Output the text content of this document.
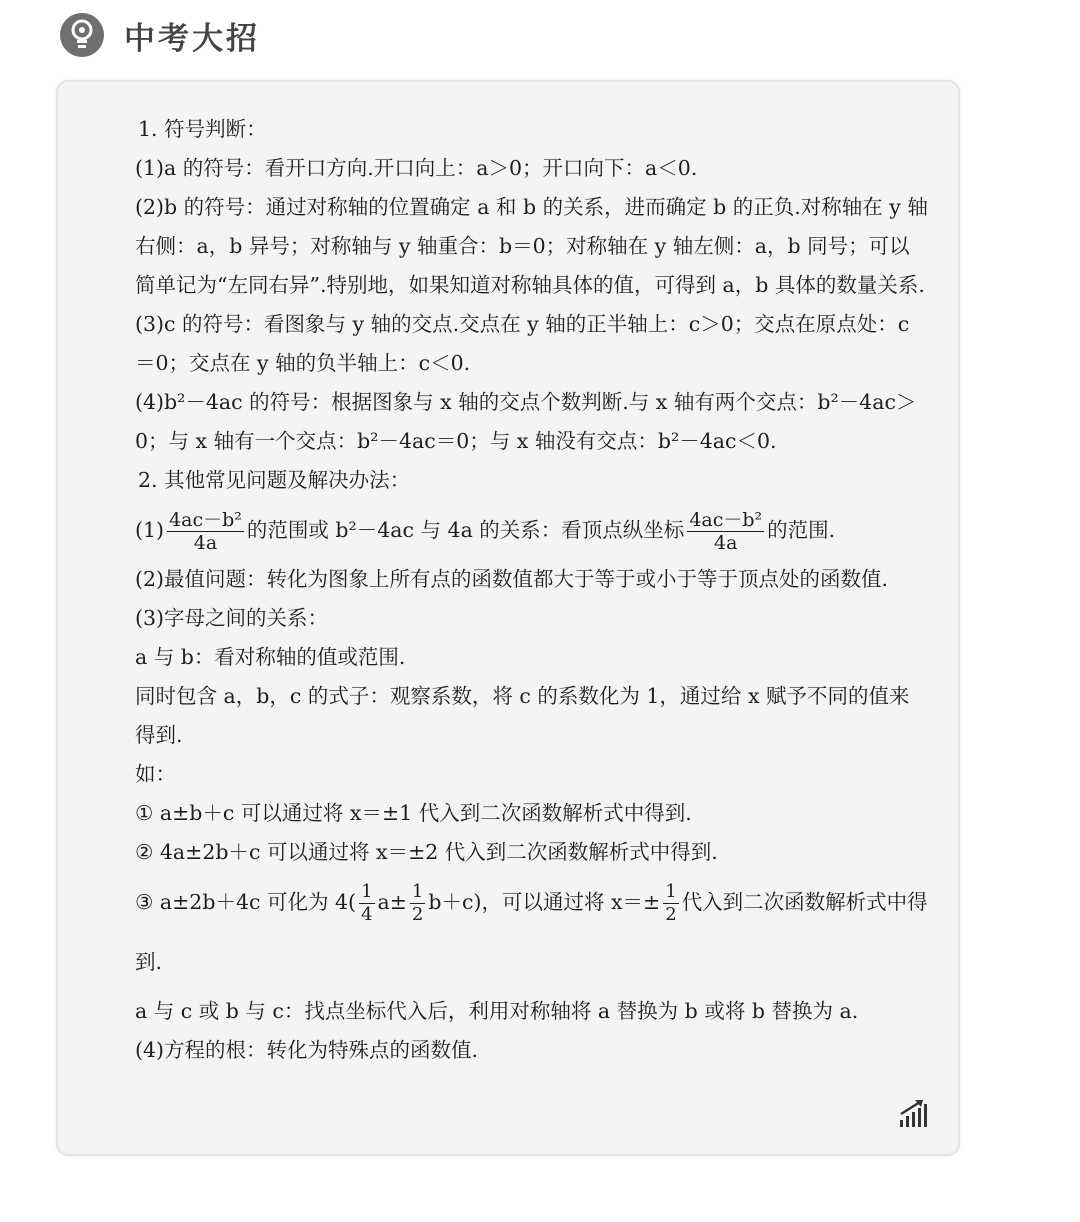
中考大招

1. 符号判断：

(1)a 的符号：看开口方向.开口向上：a＞0；开口向下：a＜0.

(2)b 的符号：通过对称轴的位置确定 a 和 b 的关系，进而确定 b 的正负.对称轴在 y 轴右侧：a，b 异号；对称轴与 y 轴重合：b＝0；对称轴在 y 轴左侧：a，b 同号；可以简单记为“左同右异”.特别地，如果知道对称轴具体的值，可得到 a，b 具体的数量关系.

(3)c 的符号：看图象与 y 轴的交点.交点在 y 轴的正半轴上：c＞0；交点在原点处：c＝0；交点在 y 轴的负半轴上：c＜0.

(4)b²－4ac 的符号：根据图象与 x 轴的交点个数判断.与 x 轴有两个交点：b²－4ac＞0；与 x 轴有一个交点：b²－4ac＝0；与 x 轴没有交点：b²－4ac＜0.

2. 其他常见问题及解决办法：

$(1) \frac{\text{4ac－b²}}{4a}$ 的范围或 b²－4ac 与 4a 的关系：看顶点纵坐标 $\frac{\text{4ac－b²}}{4a}$ 的范围.

(2)最值问题：转化为图象上所有点的函数值都大于等于或小于等于顶点处的函数值.

(3)字母之间的关系：

a 与 b：看对称轴的值或范围.

同时包含 a，b，c 的式子：观察系数，将 c 的系数化为 1，通过给 x 赋予不同的值来得到.

如：

① a±b＋c 可以通过将 x＝±1 代入到二次函数解析式中得到.

② 4a±2b＋c 可以通过将 x＝±2 代入到二次函数解析式中得到.

③ a±2b＋4c 可化为 $4( \frac{1}{4} a\pm \frac{1}{2} b+c)$，可以通过将 $x=\pm \frac{1}{2}$ 代入到二次函数解析式中得到.

a 与 c 或 b 与 c：找点坐标代入后，利用对称轴将 a 替换为 b 或将 b 替换为 a.

(4)方程的根：转化为特殊点的函数值.
